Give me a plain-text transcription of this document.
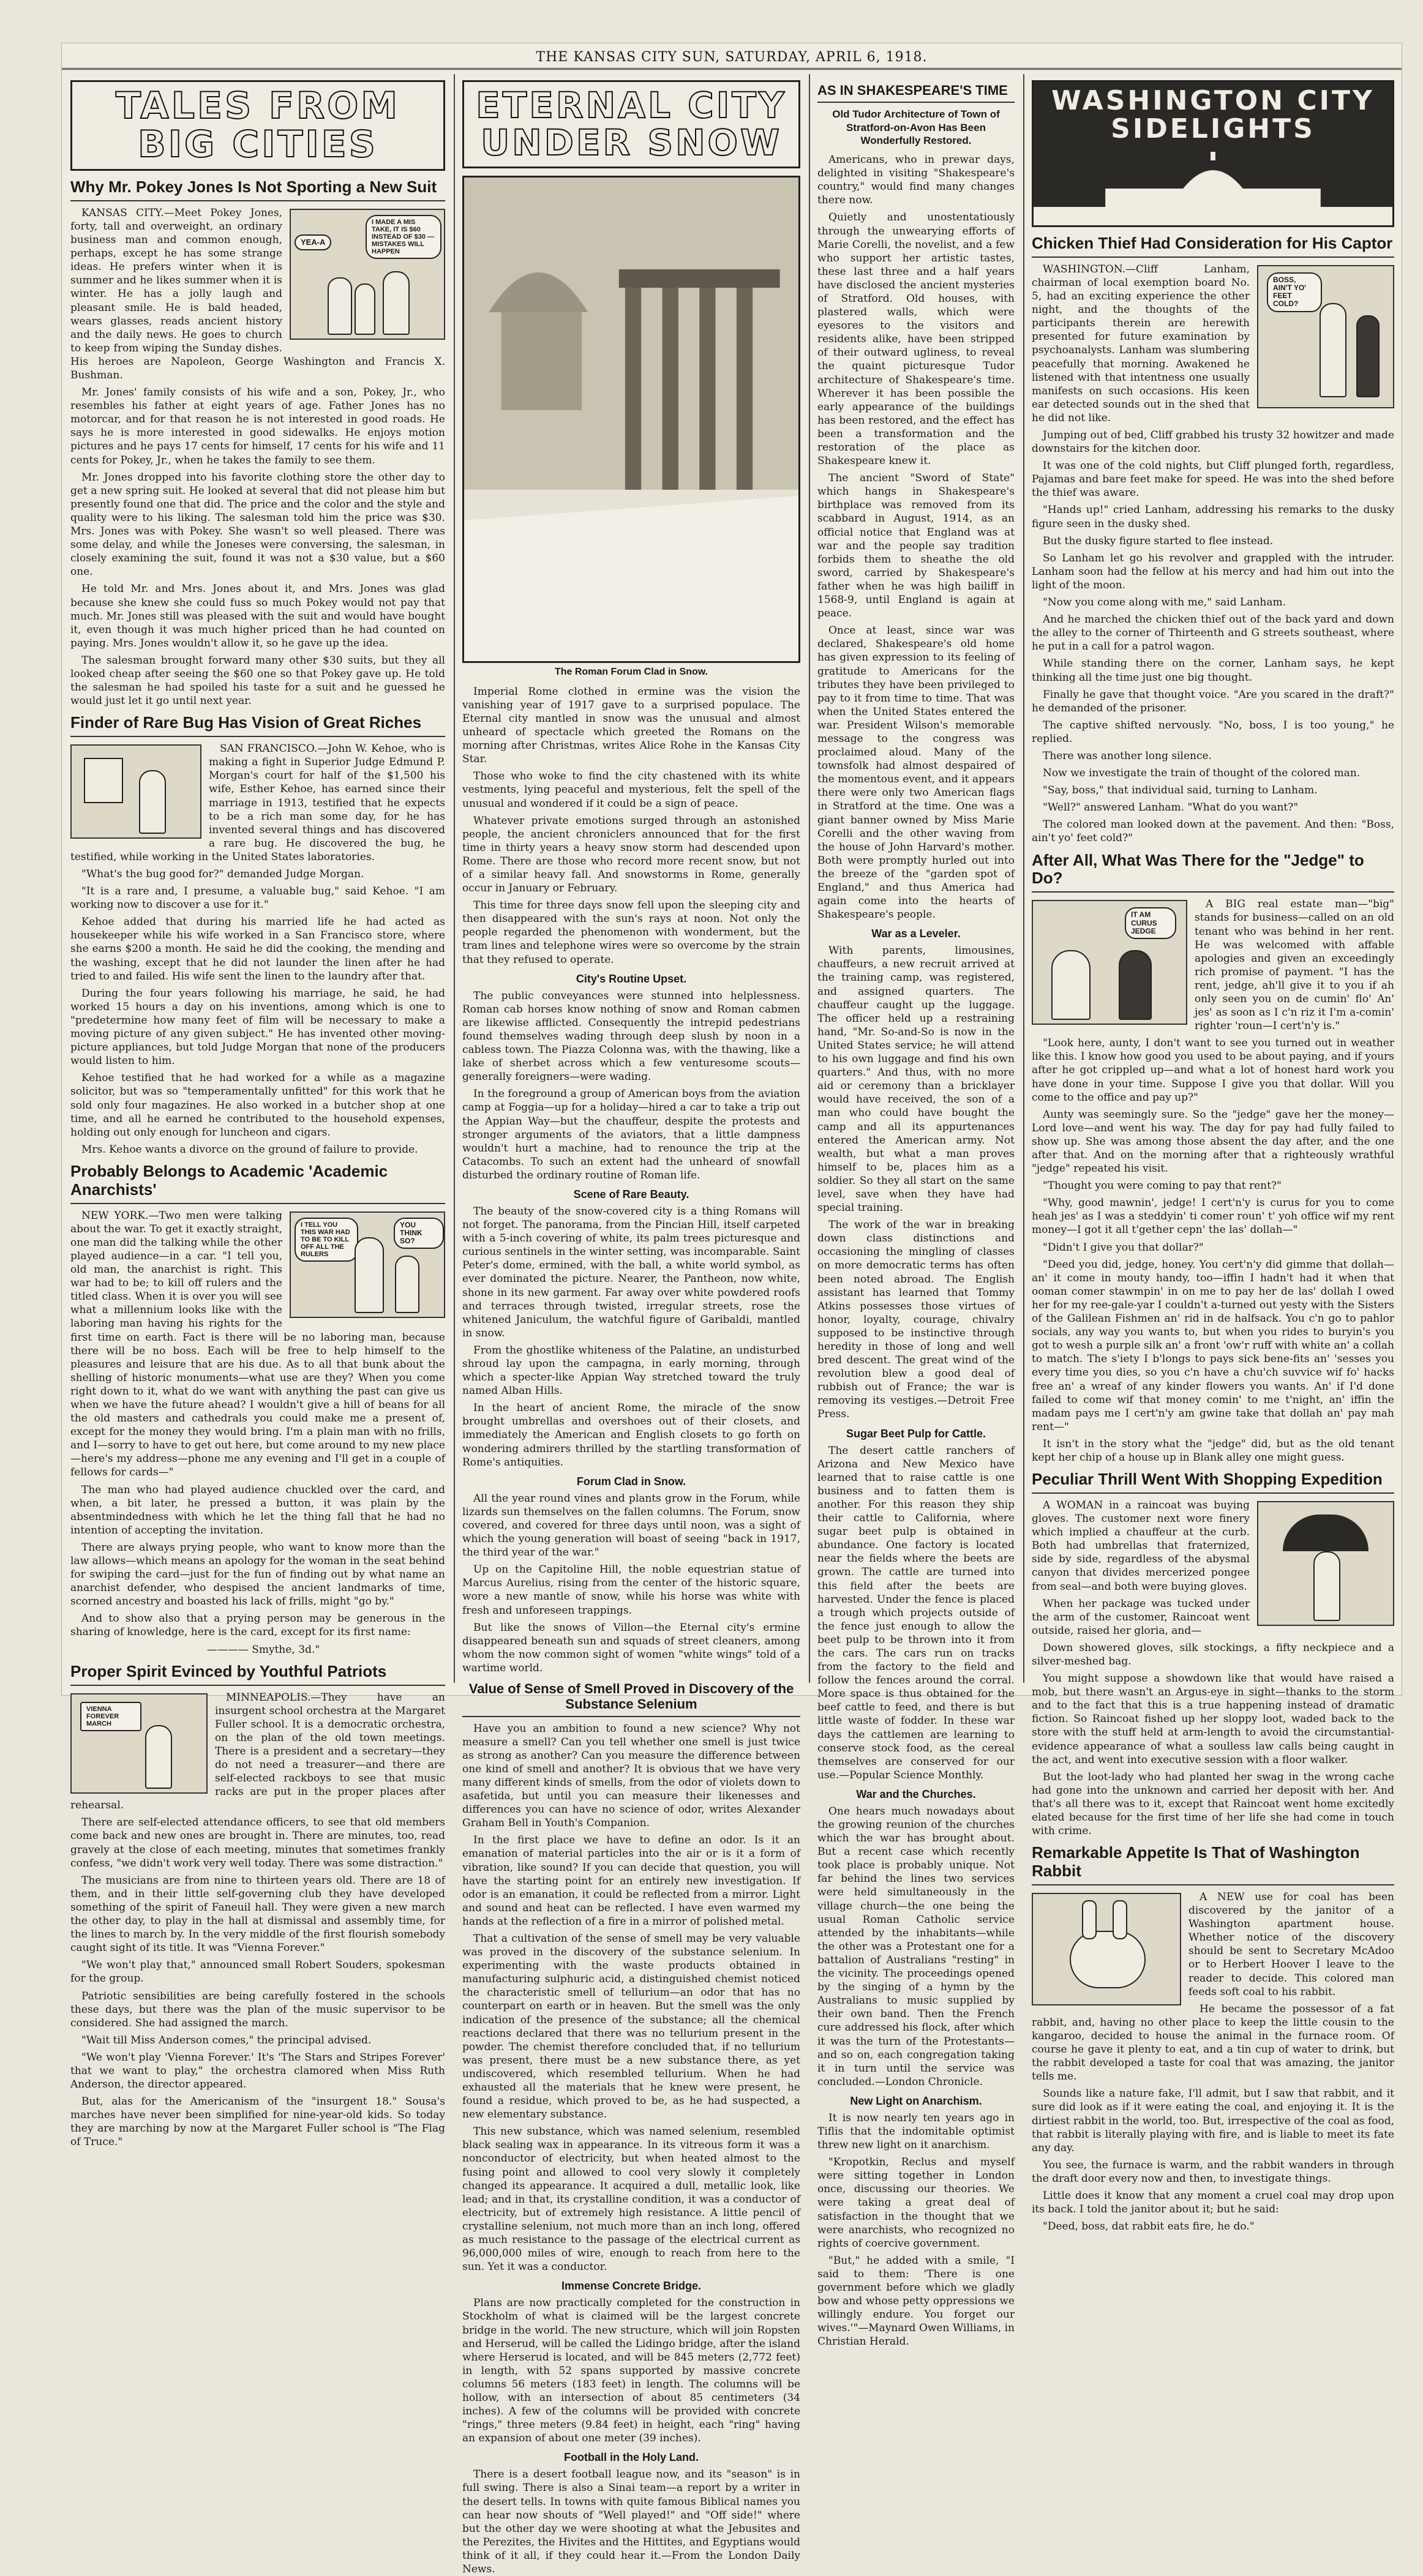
THE KANSAS CITY SUN, SATURDAY, APRIL 6, 1918.
TALES FROM BIG CITIES
Why Mr. Pokey Jones Is Not Sporting a New Suit
YEA-A
I MADE A MIS TAKE, IT IS $60 INSTEAD OF $30 — MISTAKES WILL HAPPEN

KANSAS CITY.—Meet Pokey Jones, forty, tall and overweight, an ordinary business man and common enough, perhaps, except he has some strange ideas. He prefers winter when it is summer and he likes summer when it is winter. He has a jolly laugh and pleasant smile. He is bald headed, wears glasses, reads ancient history and the daily news. He goes to church to keep from wiping the Sunday dishes. His heroes are Napoleon, George Washington and Francis X. Bushman.

Mr. Jones' family consists of his wife and a son, Pokey, Jr., who resembles his father at eight years of age. Father Jones has no motorcar, and for that reason he is not interested in good roads. He says he is more interested in good sidewalks. He enjoys motion pictures and he pays 17 cents for himself, 17 cents for his wife and 11 cents for Pokey, Jr., when he takes the family to see them.

Mr. Jones dropped into his favorite clothing store the other day to get a new spring suit. He looked at several that did not please him but presently found one that did. The price and the color and the style and quality were to his liking. The salesman told him the price was $30. Mrs. Jones was with Pokey. She wasn't so well pleased. There was some delay, and while the Joneses were conversing, the salesman, in closely examining the suit, found it was not a $30 value, but a $60 one.

He told Mr. and Mrs. Jones about it, and Mrs. Jones was glad because she knew she could fuss so much Pokey would not pay that much. Mr. Jones still was pleased with the suit and would have bought it, even though it was much higher priced than he had counted on paying. Mrs. Jones wouldn't allow it, so he gave up the idea.

The salesman brought forward many other $30 suits, but they all looked cheap after seeing the $60 one so that Pokey gave up. He told the salesman he had spoiled his taste for a suit and he guessed he would just let it go until next year.

Finder of Rare Bug Has Vision of Great Riches

SAN FRANCISCO.—John W. Kehoe, who is making a fight in Superior Judge Edmund P. Morgan's court for half of the $1,500 his wife, Esther Kehoe, has earned since their marriage in 1913, testified that he expects to be a rich man some day, for he has invented several things and has discovered a rare bug. He discovered the bug, he testified, while working in the United States laboratories.

"What's the bug good for?" demanded Judge Morgan.

"It is a rare and, I presume, a valuable bug," said Kehoe. "I am working now to discover a use for it."

Kehoe added that during his married life he had acted as housekeeper while his wife worked in a San Francisco store, where she earns $200 a month. He said he did the cooking, the mending and the washing, except that he did not launder the linen after he had tried to and failed. His wife sent the linen to the laundry after that.

During the four years following his marriage, he said, he had worked 15 hours a day on his inventions, among which is one to "predetermine how many feet of film will be necessary to make a moving picture of any given subject." He has invented other moving-picture appliances, but told Judge Morgan that none of the producers would listen to him.

Kehoe testified that he had worked for a while as a magazine solicitor, but was so "temperamentally unfitted" for this work that he sold only four magazines. He also worked in a butcher shop at one time, and all he earned he contributed to the household expenses, holding out only enough for luncheon and cigars.

Mrs. Kehoe wants a divorce on the ground of failure to provide.

Probably Belongs to Academic 'Academic Anarchists'
I TELL YOU THIS WAR HAD TO BE TO KILL OFF ALL THE RULERS
YOU THINK SO?

NEW YORK.—Two men were talking about the war. To get it exactly straight, one man did the talking while the other played audience—in a car. "I tell you, old man, the anarchist is right. This war had to be; to kill off rulers and the titled class. When it is over you will see what a millennium looks like with the laboring man having his rights for the first time on earth. Fact is there will be no laboring man, because there will be no boss. Each will be free to help himself to the pleasures and leisure that are his due. As to all that bunk about the shelling of historic monuments—what use are they? When you come right down to it, what do we want with anything the past can give us when we have the future ahead? I wouldn't give a hill of beans for all the old masters and cathedrals you could make me a present of, except for the money they would bring. I'm a plain man with no frills, and I—sorry to have to get out here, but come around to my new place—here's my address—phone me any evening and I'll get in a couple of fellows for cards—"

The man who had played audience chuckled over the card, and when, a bit later, he pressed a button, it was plain by the absentmindedness with which he let the thing fall that he had no intention of accepting the invitation.

There are always prying people, who want to know more than the law allows—which means an apology for the woman in the seat behind for swiping the card—just for the fun of finding out by what name an anarchist defender, who despised the ancient landmarks of time, scorned ancestry and boasted his lack of frills, might "go by."

And to show also that a prying person may be generous in the sharing of knowledge, here is the card, except for its first name:

———— Smythe, 3d."

Proper Spirit Evinced by Youthful Patriots
VIENNA FOREVER MARCH

MINNEAPOLIS.—They have an insurgent school orchestra at the Margaret Fuller school. It is a democratic orchestra, on the plan of the old town meetings. There is a president and a secretary—they do not need a treasurer—and there are self-elected rackboys to see that music racks are put in the proper places after rehearsal.

There are self-elected attendance officers, to see that old members come back and new ones are brought in. There are minutes, too, read gravely at the close of each meeting, minutes that sometimes frankly confess, "we didn't work very well today. There was some distraction."

The musicians are from nine to thirteen years old. There are 18 of them, and in their little self-governing club they have developed something of the spirit of Faneuil hall. They were given a new march the other day, to play in the hall at dismissal and assembly time, for the lines to march by. In the very middle of the first flourish somebody caught sight of its title. It was "Vienna Forever."

"We won't play that," announced small Robert Souders, spokesman for the group.

Patriotic sensibilities are being carefully fostered in the schools these days, but there was the plan of the music supervisor to be considered. She had assigned the march.

"Wait till Miss Anderson comes," the principal advised.

"We won't play 'Vienna Forever.' It's 'The Stars and Stripes Forever' that we want to play," the orchestra clamored when Miss Ruth Anderson, the director appeared.

But, alas for the Americanism of the "insurgent 18." Sousa's marches have never been simplified for nine-year-old kids. So today they are marching by now at the Margaret Fuller school is "The Flag of Truce."

ETERNAL CITY UNDER SNOW
The Roman Forum Clad in Snow.

Imperial Rome clothed in ermine was the vision the vanishing year of 1917 gave to a surprised populace. The Eternal city mantled in snow was the unusual and almost unheard of spectacle which greeted the Romans on the morning after Christmas, writes Alice Rohe in the Kansas City Star.

Those who woke to find the city chastened with its white vestments, lying peaceful and mysterious, felt the spell of the unusual and wondered if it could be a sign of peace.

Whatever private emotions surged through an astonished people, the ancient chroniclers announced that for the first time in thirty years a heavy snow storm had descended upon Rome. There are those who record more recent snow, but not of a similar heavy fall. And snowstorms in Rome, generally occur in January or February.

This time for three days snow fell upon the sleeping city and then disappeared with the sun's rays at noon. Not only the people regarded the phenomenon with wonderment, but the tram lines and telephone wires were so overcome by the strain that they refused to operate.

City's Routine Upset.

The public conveyances were stunned into helplessness. Roman cab horses know nothing of snow and Roman cabmen are likewise afflicted. Consequently the intrepid pedestrians found themselves wading through deep slush by noon in a cabless town. The Piazza Colonna was, with the thawing, like a lake of sherbet across which a few venturesome scouts—generally foreigners—were wading.

In the foreground a group of American boys from the aviation camp at Foggia—up for a holiday—hired a car to take a trip out the Appian Way—but the chauffeur, despite the protests and stronger arguments of the aviators, that a little dampness wouldn't hurt a machine, had to renounce the trip at the Catacombs. To such an extent had the unheard of snowfall disturbed the ordinary routine of Roman life.

Scene of Rare Beauty.

The beauty of the snow-covered city is a thing Romans will not forget. The panorama, from the Pincian Hill, itself carpeted with a 5-inch covering of white, its palm trees picturesque and curious sentinels in the winter setting, was incomparable. Saint Peter's dome, ermined, with the ball, a white world symbol, as ever dominated the picture. Nearer, the Pantheon, now white, shone in its new garment. Far away over white powdered roofs and terraces through twisted, irregular streets, rose the whitened Janiculum, the watchful figure of Garibaldi, mantled in snow.

From the ghostlike whiteness of the Palatine, an undisturbed shroud lay upon the campagna, in early morning, through which a specter-like Appian Way stretched toward the truly named Alban Hills.

In the heart of ancient Rome, the miracle of the snow brought umbrellas and overshoes out of their closets, and immediately the American and English closets to go forth on wondering admirers thrilled by the startling transformation of Rome's antiquities.

Forum Clad in Snow.

All the year round vines and plants grow in the Forum, while lizards sun themselves on the fallen columns. The Forum, snow covered, and covered for three days until noon, was a sight of which the young generation will boast of seeing "back in 1917, the third year of the war."

Up on the Capitoline Hill, the noble equestrian statue of Marcus Aurelius, rising from the center of the historic square, wore a new mantle of snow, while his horse was white with fresh and unforeseen trappings.

But like the snows of Villon—the Eternal city's ermine disappeared beneath sun and squads of street cleaners, among whom the now common sight of women "white wings" told of a wartime world.

Value of Sense of Smell Proved in Discovery of the Substance Selenium

Have you an ambition to found a new science? Why not measure a smell? Can you tell whether one smell is just twice as strong as another? Can you measure the difference between one kind of smell and another? It is obvious that we have very many different kinds of smells, from the odor of violets down to asafetida, but until you can measure their likenesses and differences you can have no science of odor, writes Alexander Graham Bell in Youth's Companion.

In the first place we have to define an odor. Is it an emanation of material particles into the air or is it a form of vibration, like sound? If you can decide that question, you will have the starting point for an entirely new investigation. If odor is an emanation, it could be reflected from a mirror. Light and sound and heat can be reflected. I have even warmed my hands at the reflection of a fire in a mirror of polished metal.

That a cultivation of the sense of smell may be very valuable was proved in the discovery of the substance selenium. In experimenting with the waste products obtained in manufacturing sulphuric acid, a distinguished chemist noticed the characteristic smell of tellurium—an odor that has no counterpart on earth or in heaven. But the smell was the only indication of the presence of the substance; all the chemical reactions declared that there was no tellurium present in the powder. The chemist therefore concluded that, if no tellurium was present, there must be a new substance there, as yet undiscovered, which resembled tellurium. When he had exhausted all the materials that he knew were present, he found a residue, which proved to be, as he had suspected, a new elementary substance.

This new substance, which was named selenium, resembled black sealing wax in appearance. In its vitreous form it was a nonconductor of electricity, but when heated almost to the fusing point and allowed to cool very slowly it completely changed its appearance. It acquired a dull, metallic look, like lead; and in that, its crystalline condition, it was a conductor of electricity, but of extremely high resistance. A little pencil of crystalline selenium, not much more than an inch long, offered as much resistance to the passage of the electrical current as 96,000,000 miles of wire, enough to reach from here to the sun. Yet it was a conductor.

Immense Concrete Bridge.

Plans are now practically completed for the construction in Stockholm of what is claimed will be the largest concrete bridge in the world. The new structure, which will join Ropsten and Herserud, will be called the Lidingo bridge, after the island where Herserud is located, and will be 845 meters (2,772 feet) in length, with 52 spans supported by massive concrete columns 56 meters (183 feet) in length. The columns will be hollow, with an intersection of about 85 centimeters (34 inches). A few of the columns will be provided with concrete "rings," three meters (9.84 feet) in height, each "ring" having an expansion of about one meter (39 inches).

Football in the Holy Land.

There is a desert football league now, and its "season" is in full swing. There is also a Sinai team—a report by a writer in the desert tells. In towns with quite famous Biblical names you can hear now shouts of "Well played!" and "Off side!" where but the other day we were shooting at what the Jebusites and the Perezites, the Hivites and the Hittites, and Egyptians would think of it all, if they could hear it.—From the London Daily News.

AS IN SHAKESPEARE'S TIME
Old Tudor Architecture of Town of Stratford-on-Avon Has Been Wonderfully Restored.

Americans, who in prewar days, delighted in visiting "Shakespeare's country," would find many changes there now.

Quietly and unostentatiously through the unwearying efforts of Marie Corelli, the novelist, and a few who support her artistic tastes, these last three and a half years have disclosed the ancient mysteries of Stratford. Old houses, with plastered walls, which were eyesores to the visitors and residents alike, have been stripped of their outward ugliness, to reveal the quaint picturesque Tudor architecture of Shakespeare's time. Wherever it has been possible the early appearance of the buildings has been restored, and the effect has been a transformation and the restoration of the place as Shakespeare knew it.

The ancient "Sword of State" which hangs in Shakespeare's birthplace was removed from its scabbard in August, 1914, as an official notice that England was at war and the people say tradition forbids them to sheathe the old sword, carried by Shakespeare's father when he was high bailiff in 1568-9, until England is again at peace.

Once at least, since war was declared, Shakespeare's old home has given expression to its feeling of gratitude to Americans for the tributes they have been privileged to pay to it from time to time. That was when the United States entered the war. President Wilson's memorable message to the congress was proclaimed aloud. Many of the townsfolk had almost despaired of the momentous event, and it appears there were only two American flags in Stratford at the time. One was a giant banner owned by Miss Marie Corelli and the other waving from the house of John Harvard's mother. Both were promptly hurled out into the breeze of the "garden spot of England," and thus America had again come into the hearts of Shakespeare's people.

War as a Leveler.

With parents, limousines, chauffeurs, a new recruit arrived at the training camp, was registered, and assigned quarters. The chauffeur caught up the luggage. The officer held up a restraining hand, "Mr. So-and-So is now in the United States service; he will attend to his own luggage and find his own quarters." And thus, with no more aid or ceremony than a bricklayer would have received, the son of a man who could have bought the camp and all its appurtenances entered the American army. Not wealth, but what a man proves himself to be, places him as a soldier. So they all start on the same level, save when they have had special training.

The work of the war in breaking down class distinctions and occasioning the mingling of classes on more democratic terms has often been noted abroad. The English assistant has learned that Tommy Atkins possesses those virtues of honor, loyalty, courage, chivalry supposed to be instinctive through heredity in those of long and well bred descent. The great wind of the revolution blew a good deal of rubbish out of France; the war is removing its vestiges.—Detroit Free Press.

Sugar Beet Pulp for Cattle.

The desert cattle ranchers of Arizona and New Mexico have learned that to raise cattle is one business and to fatten them is another. For this reason they ship their cattle to California, where sugar beet pulp is obtained in abundance. One factory is located near the fields where the beets are grown. The cattle are turned into this field after the beets are harvested. Under the fence is placed a trough which projects outside of the fence just enough to allow the beet pulp to be thrown into it from the cars. The cars run on tracks from the factory to the field and follow the fences around the corral. More space is thus obtained for the beef cattle to feed, and there is but little waste of fodder. In these war days the cattlemen are learning to conserve stock food, as the cereal themselves are conserved for our use.—Popular Science Monthly.

War and the Churches.

One hears much nowadays about the growing reunion of the churches which the war has brought about. But a recent case which recently took place is probably unique. Not far behind the lines two services were held simultaneously in the village church—the one being the usual Roman Catholic service attended by the inhabitants—while the other was a Protestant one for a battalion of Australians "resting" in the vicinity. The proceedings opened by the singing of a hymn by the Australians to music supplied by their own band. Then the French cure addressed his flock, after which it was the turn of the Protestants—and so on, each congregation taking it in turn until the service was concluded.—London Chronicle.

New Light on Anarchism.

It is now nearly ten years ago in Tiflis that the indomitable optimist threw new light on it anarchism.

"Kropotkin, Reclus and myself were sitting together in London once, discussing our theories. We were taking a great deal of satisfaction in the thought that we were anarchists, who recognized no rights of coercive government.

"But," he added with a smile, "I said to them: 'There is one government before which we gladly bow and whose petty oppressions we willingly endure. You forget our wives.'"—Maynard Owen Williams, in Christian Herald.

WASHINGTON CITY SIDELIGHTS
Chicken Thief Had Consideration for His Captor
BOSS, AIN'T YO' FEET COLD?

WASHINGTON.—Cliff Lanham, chairman of local exemption board No. 5, had an exciting experience the other night, and the thoughts of the participants therein are herewith presented for future examination by psychoanalysts. Lanham was slumbering peacefully that morning. Awakened he listened with that intentness one usually manifests on such occasions. His keen ear detected sounds out in the shed that he did not like.

Jumping out of bed, Cliff grabbed his trusty 32 howitzer and made downstairs for the kitchen door.

It was one of the cold nights, but Cliff plunged forth, regardless, Pajamas and bare feet make for speed. He was into the shed before the thief was aware.

"Hands up!" cried Lanham, addressing his remarks to the dusky figure seen in the dusky shed.

But the dusky figure started to flee instead.

So Lanham let go his revolver and grappled with the intruder. Lanham soon had the fellow at his mercy and had him out into the light of the moon.

"Now you come along with me," said Lanham.

And he marched the chicken thief out of the back yard and down the alley to the corner of Thirteenth and G streets southeast, where he put in a call for a patrol wagon.

While standing there on the corner, Lanham says, he kept thinking all the time just one big thought.

Finally he gave that thought voice. "Are you scared in the draft?" he demanded of the prisoner.

The captive shifted nervously. "No, boss, I is too young," he replied.

There was another long silence.

Now we investigate the train of thought of the colored man.

"Say, boss," that individual said, turning to Lanham.

"Well?" answered Lanham. "What do you want?"

The colored man looked down at the pavement. And then: "Boss, ain't yo' feet cold?"

After All, What Was There for the "Jedge" to Do?
IT AM CURUS JEDGE

A BIG real estate man—"big" stands for business—called on an old tenant who was behind in her rent. He was welcomed with affable apologies and given an exceedingly rich promise of payment. "I has the rent, jedge, ah'll give it to you if ah only seen you on de cumin' flo' An' jes' as soon as I c'n riz it I'm a-comin' righter 'roun—I cert'n'y is."

"Look here, aunty, I don't want to see you turned out in weather like this. I know how good you used to be about paying, and if yours after he got crippled up—and what a lot of honest hard work you have done in your time. Suppose I give you that dollar. Will you come to the office and pay up?"

Aunty was seemingly sure. So the "jedge" gave her the money—Lord love—and went his way. The day for pay had fully failed to show up. She was among those absent the day after, and the one after that. And on the morning after that a righteously wrathful "jedge" repeated his visit.

"Thought you were coming to pay that rent?"

"Why, good mawnin', jedge! I cert'n'y is curus for you to come heah jes' as I was a steddyin' ti comer roun' t' yoh office wif my rent money—I got it all t'gether cepn' the las' dollah—"

"Didn't I give you that dollar?"

"Deed you did, jedge, honey. You cert'n'y did gimme that dollah—an' it come in mouty handy, too—iffin I hadn't had it when that ooman comer stawmpin' in on me to pay her de las' dollah I owed her for my ree-gale-yar I couldn't a-turned out yesty with the Sisters of the Galilean Fishmen an' rid in de halfsack. You c'n go to pahlor socials, any way you wants to, but when you rides to buryin's you got to wesh a purple silk an' a front 'ow'r ruff with white an' a collah to match. The s'iety I b'longs to pays sick bene-fits an' 'sesses you every time you dies, so you c'n have a chu'ch suvvice wif fo' hacks free an' a wreaf of any kinder flowers you wants. An' if I'd done failed to come wif that money comin' to me t'night, an' iffin the madam pays me I cert'n'y am gwine take that dollah an' pay mah rent—"

It isn't in the story what the "jedge" did, but as the old tenant kept her chip of a house up in Blank alley one might guess.

Peculiar Thrill Went With Shopping Expedition

A WOMAN in a raincoat was buying gloves. The customer next wore finery which implied a chauffeur at the curb. Both had umbrellas that fraternized, side by side, regardless of the abysmal canyon that divides mercerized pongee from seal—and both were buying gloves.

When her package was tucked under the arm of the customer, Raincoat went outside, raised her gloria, and—

Down showered gloves, silk stockings, a fifty neckpiece and a silver-meshed bag.

You might suppose a showdown like that would have raised a mob, but there wasn't an Argus-eye in sight—thanks to the storm and to the fact that this is a true happening instead of dramatic fiction. So Raincoat fished up her sloppy loot, waded back to the store with the stuff held at arm-length to avoid the circumstantial-evidence appearance of what a soulless law calls being caught in the act, and went into executive session with a floor walker.

But the loot-lady who had planted her swag in the wrong cache had gone into the unknown and carried her deposit with her. And that's all there was to it, except that Raincoat went home excitedly elated because for the first time of her life she had come in touch with crime.

Remarkable Appetite Is That of Washington Rabbit

A NEW use for coal has been discovered by the janitor of a Washington apartment house. Whether notice of the discovery should be sent to Secretary McAdoo or to Herbert Hoover I leave to the reader to decide. This colored man feeds soft coal to his rabbit.

He became the possessor of a fat rabbit, and, having no other place to keep the little cousin to the kangaroo, decided to house the animal in the furnace room. Of course he gave it plenty to eat, and a tin cup of water to drink, but the rabbit developed a taste for coal that was amazing, the janitor tells me.

Sounds like a nature fake, I'll admit, but I saw that rabbit, and it sure did look as if it were eating the coal, and enjoying it. It is the dirtiest rabbit in the world, too. But, irrespective of the coal as food, that rabbit is literally playing with fire, and is liable to meet its fate any day.

You see, the furnace is warm, and the rabbit wanders in through the draft door every now and then, to investigate things.

Little does it know that any moment a cruel coal may drop upon its back. I told the janitor about it; but he said:

"Deed, boss, dat rabbit eats fire, he do."
